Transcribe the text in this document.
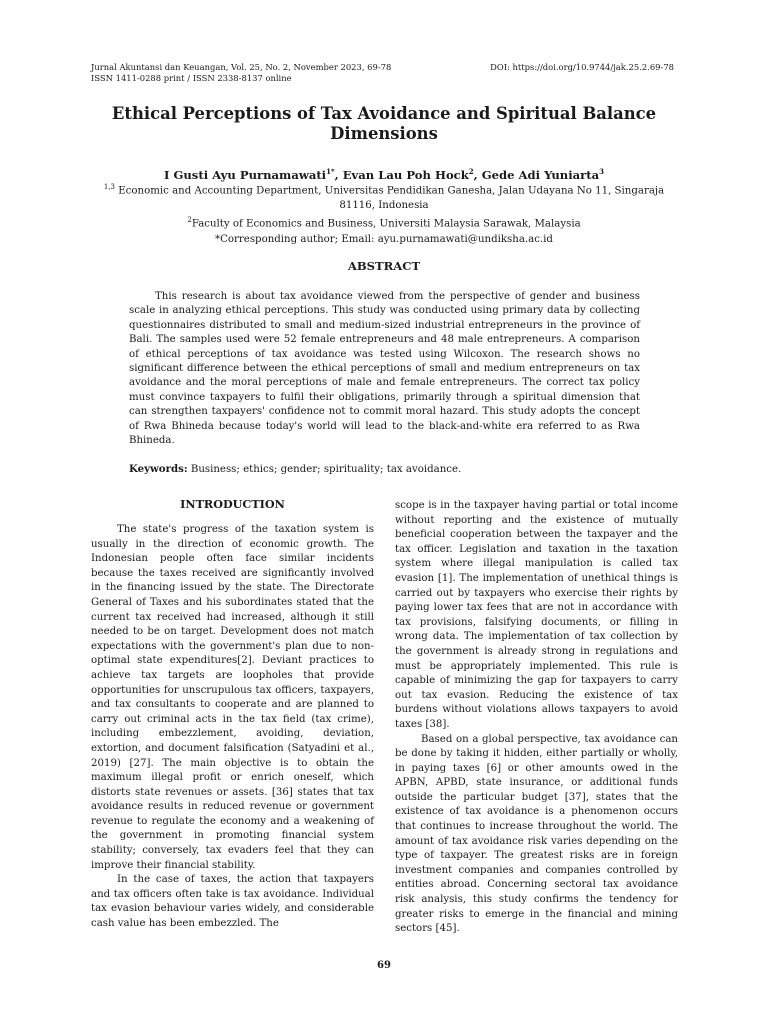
Jurnal Akuntansi dan Keuangan, Vol. 25, No. 2, November 2023, 69-78
ISSN 1411-0288 print / ISSN 2338-8137 online
DOI: https://doi.org/10.9744/jak.25.2.69-78
Ethical Perceptions of Tax Avoidance and Spiritual Balance Dimensions
I Gusti Ayu Purnamawati$^{1*}$, Evan Lau Poh Hock$^2$, Gede Adi Yuniarta$^3$
$^{1,3}$ Economic and Accounting Department, Universitas Pendidikan Ganesha, Jalan Udayana No 11, Singaraja 81116, Indonesia
$^2$Faculty of Economics and Business, Universiti Malaysia Sarawak, Malaysia
*Corresponding author; Email: ayu.purnamawati@undiksha.ac.id
ABSTRACT
This research is about tax avoidance viewed from the perspective of gender and business scale in analyzing ethical perceptions. This study was conducted using primary data by collecting questionnaires distributed to small and medium-sized industrial entrepreneurs in the province of Bali. The samples used were 52 female entrepreneurs and 48 male entrepreneurs. A comparison of ethical perceptions of tax avoidance was tested using Wilcoxon. The research shows no significant difference between the ethical perceptions of small and medium entrepreneurs on tax avoidance and the moral perceptions of male and female entrepreneurs. The correct tax policy must convince taxpayers to fulfil their obligations, primarily through a spiritual dimension that can strengthen taxpayers' confidence not to commit moral hazard. This study adopts the concept of Rwa Bhineda because today's world will lead to the black-and-white era referred to as Rwa Bhineda.
Keywords: Business; ethics; gender; spirituality; tax avoidance.
INTRODUCTION

The state's progress of the taxation system is usually in the direction of economic growth. The Indonesian people often face similar incidents because the taxes received are significantly involved in the financing issued by the state. The Directorate General of Taxes and his subordinates stated that the current tax received had increased, although it still needed to be on target. Development does not match expectations with the government's plan due to non-optimal state expenditures[2]. Deviant practices to achieve tax targets are loopholes that provide opportunities for unscrupulous tax officers, taxpayers, and tax consultants to cooperate and are planned to carry out criminal acts in the tax field (tax crime), including embezzlement, avoiding, deviation, extortion, and document falsification (Satyadini et al., 2019) [27]. The main objective is to obtain the maximum illegal profit or enrich oneself, which distorts state revenues or assets. [36] states that tax avoidance results in reduced revenue or government revenue to regulate the economy and a weakening of the government in promoting financial system stability; conversely, tax evaders feel that they can improve their financial stability.

In the case of taxes, the action that taxpayers and tax officers often take is tax avoidance. Individual tax evasion behaviour varies widely, and considerable cash value has been embezzled. The

scope is in the taxpayer having partial or total income without reporting and the existence of mutually beneficial cooperation between the taxpayer and the tax officer. Legislation and taxation in the taxation system where illegal manipulation is called tax evasion [1]. The implementation of unethical things is carried out by taxpayers who exercise their rights by paying lower tax fees that are not in accordance with tax provisions, falsifying documents, or filling in wrong data. The implementation of tax collection by the government is already strong in regulations and must be appropriately implemented. This rule is capable of minimizing the gap for taxpayers to carry out tax evasion. Reducing the existence of tax burdens without violations allows taxpayers to avoid taxes [38].

Based on a global perspective, tax avoidance can be done by taking it hidden, either partially or wholly, in paying taxes [6] or other amounts owed in the APBN, APBD, state insurance, or additional funds outside the particular budget [37], states that the existence of tax avoidance is a phenomenon occurs that continues to increase throughout the world. The amount of tax avoidance risk varies depending on the type of taxpayer. The greatest risks are in foreign investment companies and companies controlled by entities abroad. Concerning sectoral tax avoidance risk analysis, this study confirms the tendency for greater risks to emerge in the financial and mining sectors [45].

69
